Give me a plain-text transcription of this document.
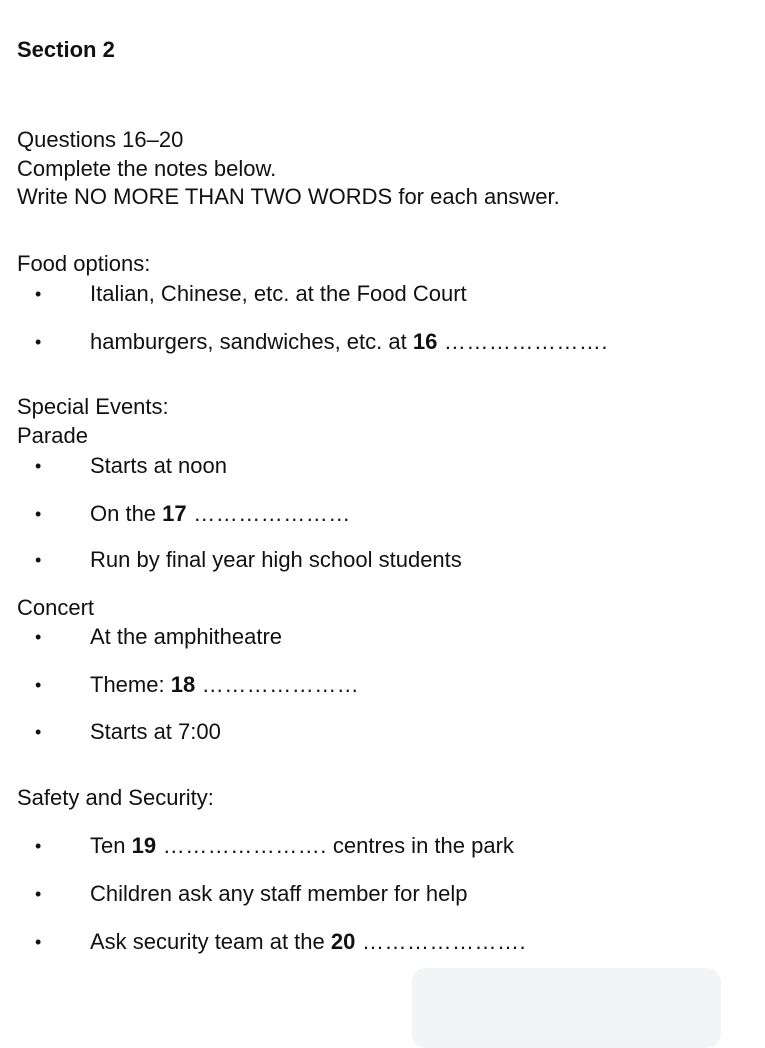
Section 2
Questions 16–20
Complete the notes below.
Write NO MORE THAN TWO WORDS for each answer.
Food options:
• Italian, Chinese, etc. at the Food Court
• hamburgers, sandwiches, etc. at 16 ………………….
Special Events:
Parade
• Starts at noon
• On the 17 …………………
• Run by final year high school students
Concert
• At the amphitheatre
• Theme: 18 …………………
• Starts at 7:00
Safety and Security:
• Ten 19 …………………. centres in the park
• Children ask any staff member for help
• Ask security team at the 20 ………………….
